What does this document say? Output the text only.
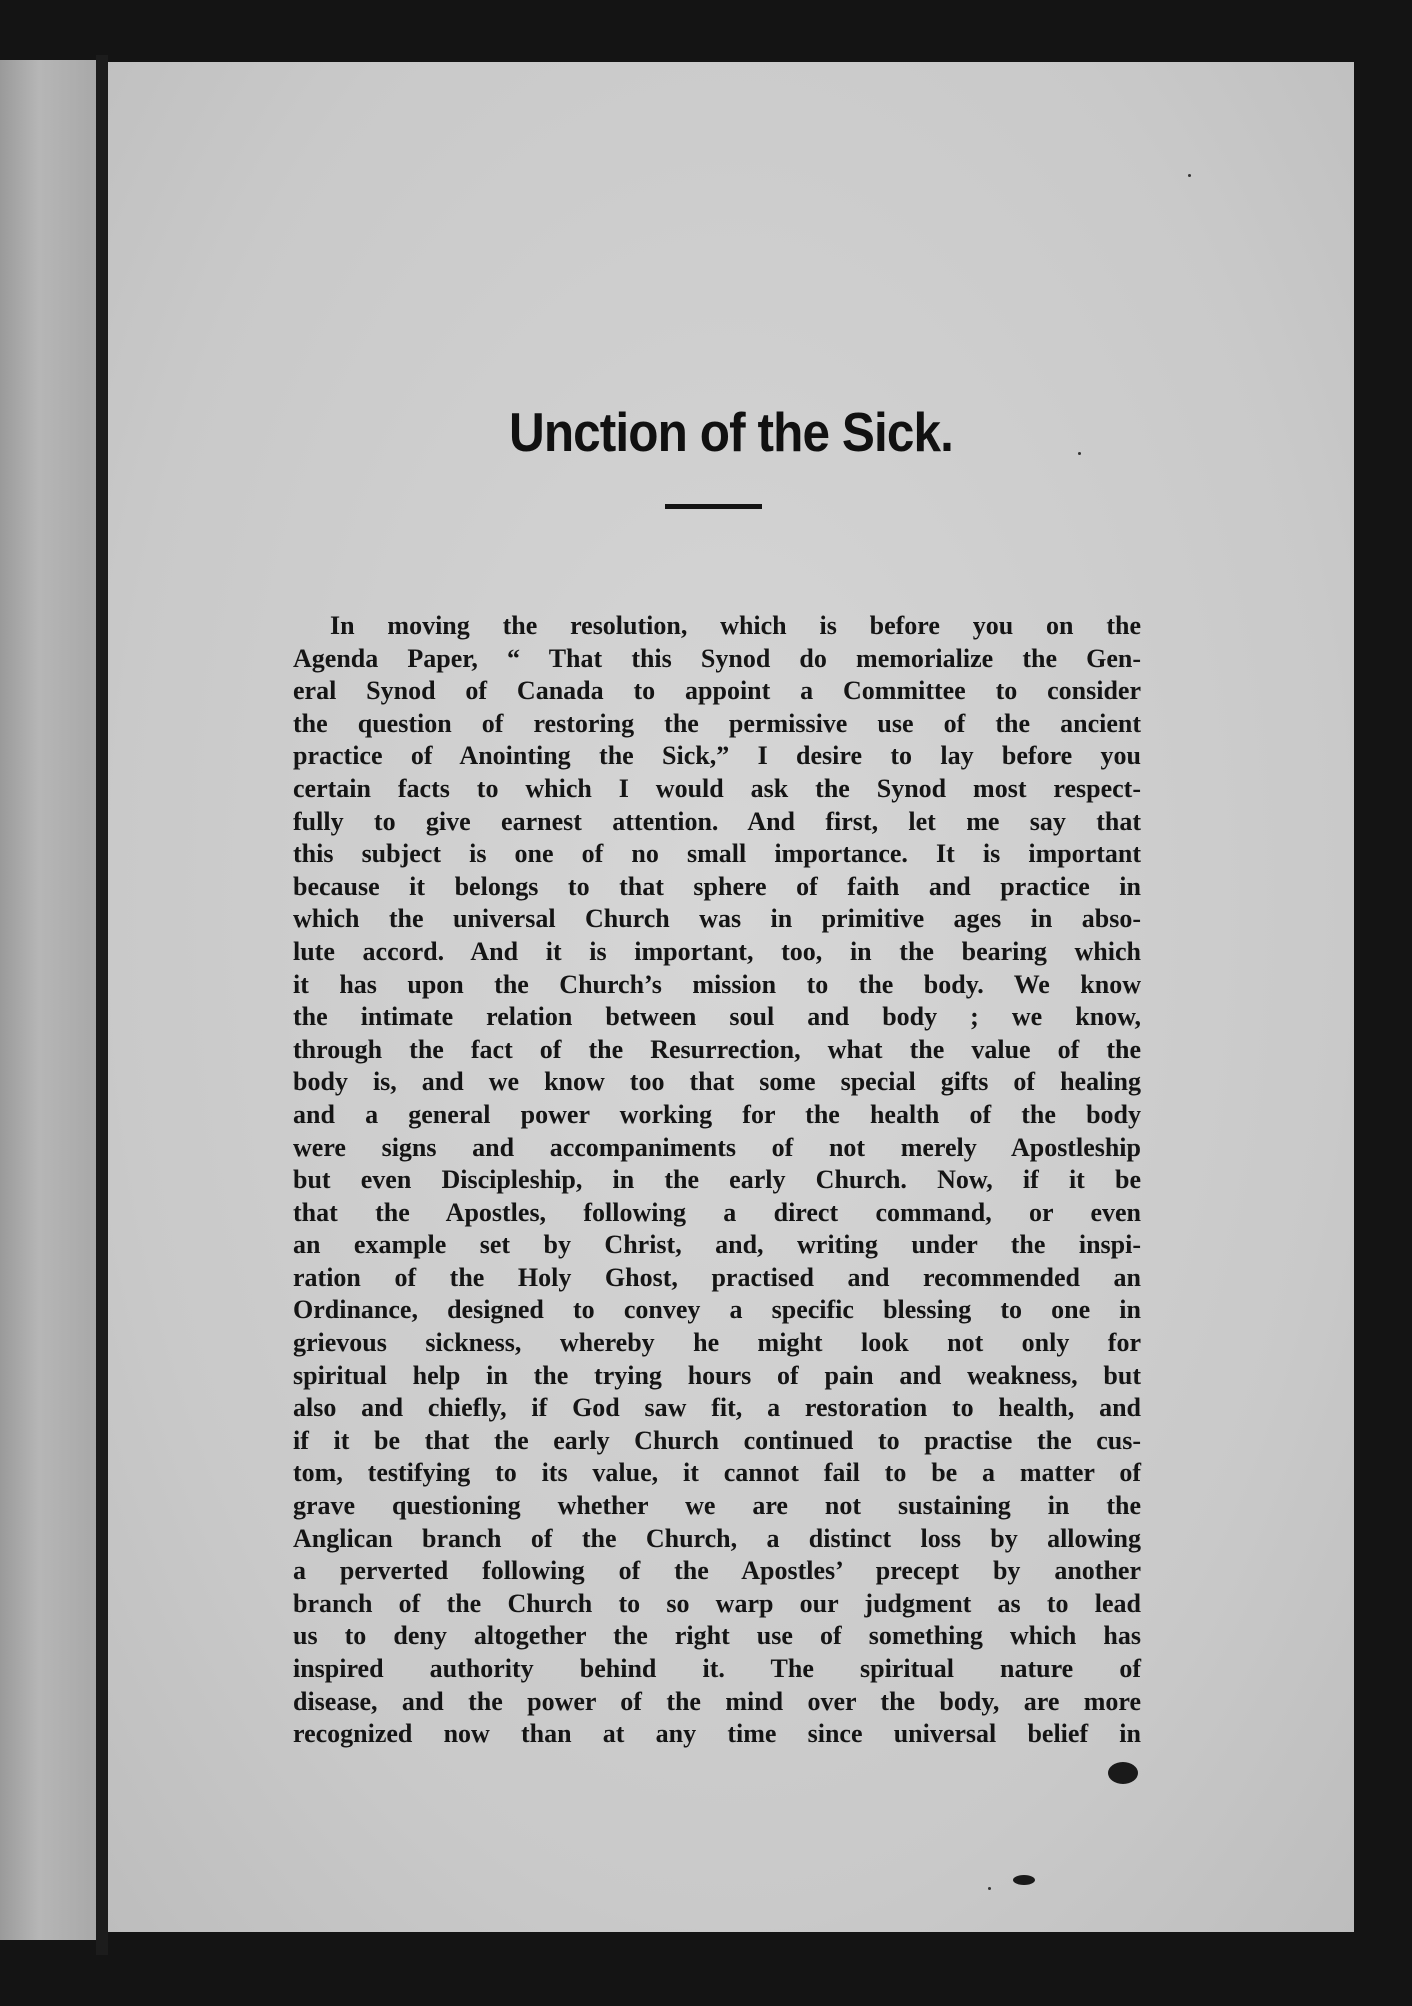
Unction of the Sick.
In moving the resolution, which is before you on the
Agenda Paper, “ That this Synod do memorialize the Gen-
eral Synod of Canada to appoint a Committee to consider
the question of restoring the permissive use of the ancient
practice of Anointing the Sick,” I desire to lay before you
certain facts to which I would ask the Synod most respect-
fully to give earnest attention. And first, let me say that
this subject is one of no small importance. It is important
because it belongs to that sphere of faith and practice in
which the universal Church was in primitive ages in abso-
lute accord. And it is important, too, in the bearing which
it has upon the Church’s mission to the body. We know
the intimate relation between soul and body ; we know,
through the fact of the Resurrection, what the value of the
body is, and we know too that some special gifts of healing
and a general power working for the health of the body
were signs and accompaniments of not merely Apostleship
but even Discipleship, in the early Church. Now, if it be
that the Apostles, following a direct command, or even
an example set by Christ, and, writing under the inspi-
ration of the Holy Ghost, practised and recommended an
Ordinance, designed to convey a specific blessing to one in
grievous sickness, whereby he might look not only for
spiritual help in the trying hours of pain and weakness, but
also and chiefly, if God saw fit, a restoration to health, and
if it be that the early Church continued to practise the cus-
tom, testifying to its value, it cannot fail to be a matter of
grave questioning whether we are not sustaining in the
Anglican branch of the Church, a distinct loss by allowing
a perverted following of the Apostles’ precept by another
branch of the Church to so warp our judgment as to lead
us to deny altogether the right use of something which has
inspired authority behind it. The spiritual nature of
disease, and the power of the mind over the body, are more
recognized now than at any time since universal belief in
